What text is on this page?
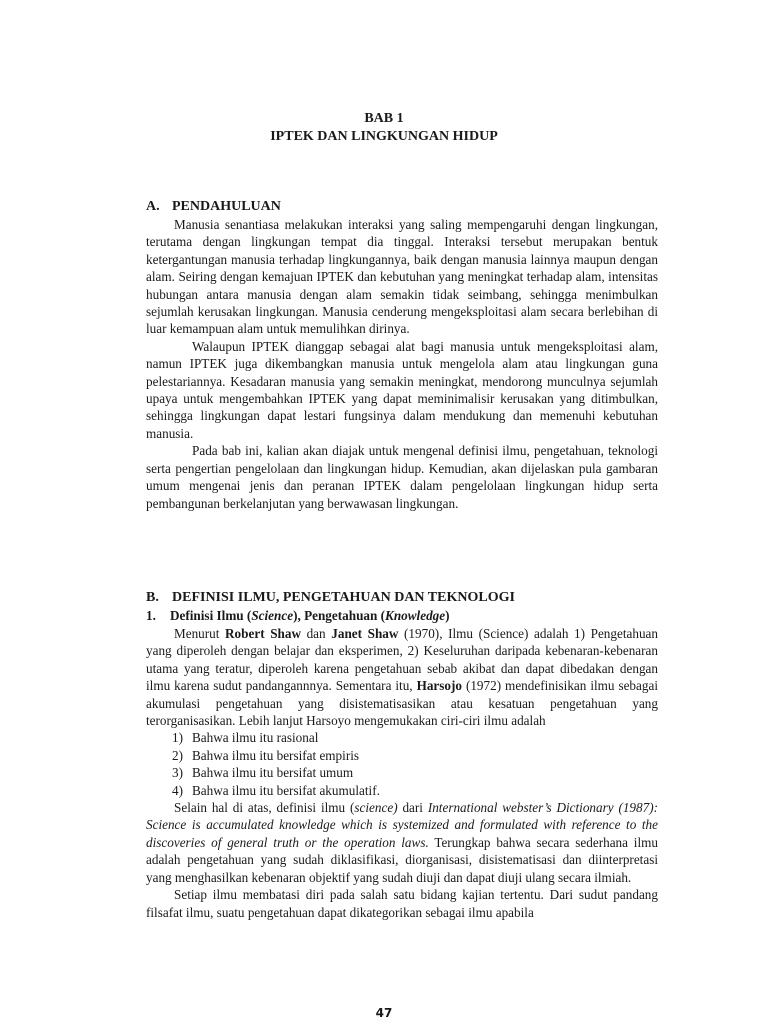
BAB 1
IPTEK DAN LINGKUNGAN HIDUP

A. PENDAHULUAN

Manusia senantiasa melakukan interaksi yang saling mempengaruhi dengan lingkungan, terutama dengan lingkungan tempat dia tinggal. Interaksi tersebut merupakan bentuk ketergantungan manusia terhadap lingkungannya, baik dengan manusia lainnya maupun dengan alam. Seiring dengan kemajuan IPTEK dan kebutuhan yang meningkat terhadap alam, intensitas hubungan antara manusia dengan alam semakin tidak seimbang, sehingga menimbulkan sejumlah kerusakan lingkungan. Manusia cenderung mengeksploitasi alam secara berlebihan di luar kemampuan alam untuk memulihkan dirinya.

Walaupun IPTEK dianggap sebagai alat bagi manusia untuk mengeksploitasi alam, namun IPTEK juga dikembangkan manusia untuk mengelola alam atau lingkungan guna pelestariannya. Kesadaran manusia yang semakin meningkat, mendorong munculnya sejumlah upaya untuk mengembahkan IPTEK yang dapat meminimalisir kerusakan yang ditimbulkan, sehingga lingkungan dapat lestari fungsinya dalam mendukung dan memenuhi kebutuhan manusia.

Pada bab ini, kalian akan diajak untuk mengenal definisi ilmu, pengetahuan, teknologi serta pengertian pengelolaan dan lingkungan hidup. Kemudian, akan dijelaskan pula gambaran umum mengenai jenis dan peranan IPTEK dalam pengelolaan lingkungan hidup serta pembangunan berkelanjutan yang berwawasan lingkungan.

B. DEFINISI ILMU, PENGETAHUAN DAN TEKNOLOGI

1. Definisi Ilmu (Science), Pengetahuan (Knowledge)

Menurut Robert Shaw dan Janet Shaw (1970), Ilmu (Science) adalah 1) Pengetahuan yang diperoleh dengan belajar dan eksperimen, 2) Keseluruhan daripada kebenaran-kebenaran utama yang teratur, diperoleh karena pengetahuan sebab akibat dan dapat dibedakan dengan ilmu karena sudut pandangannnya. Sementara itu, Harsojo (1972) mendefinisikan ilmu sebagai akumulasi pengetahuan yang disistematisasikan atau kesatuan pengetahuan yang terorganisasikan. Lebih lanjut Harsoyo mengemukakan ciri-ciri ilmu adalah

1) Bahwa ilmu itu rasional
2) Bahwa ilmu itu bersifat empiris
3) Bahwa ilmu itu bersifat umum
4) Bahwa ilmu itu bersifat akumulatif.

Selain hal di atas, definisi ilmu (science) dari International webster’s Dictionary (1987): Science is accumulated knowledge which is systemized and formulated with reference to the discoveries of general truth or the operation laws. Terungkap bahwa secara sederhana ilmu adalah pengetahuan yang sudah diklasifikasi, diorganisasi, disistematisasi dan diinterpretasi yang menghasilkan kebenaran objektif yang sudah diuji dan dapat diuji ulang secara ilmiah.

Setiap ilmu membatasi diri pada salah satu bidang kajian tertentu. Dari sudut pandang filsafat ilmu, suatu pengetahuan dapat dikategorikan sebagai ilmu apabila

47
